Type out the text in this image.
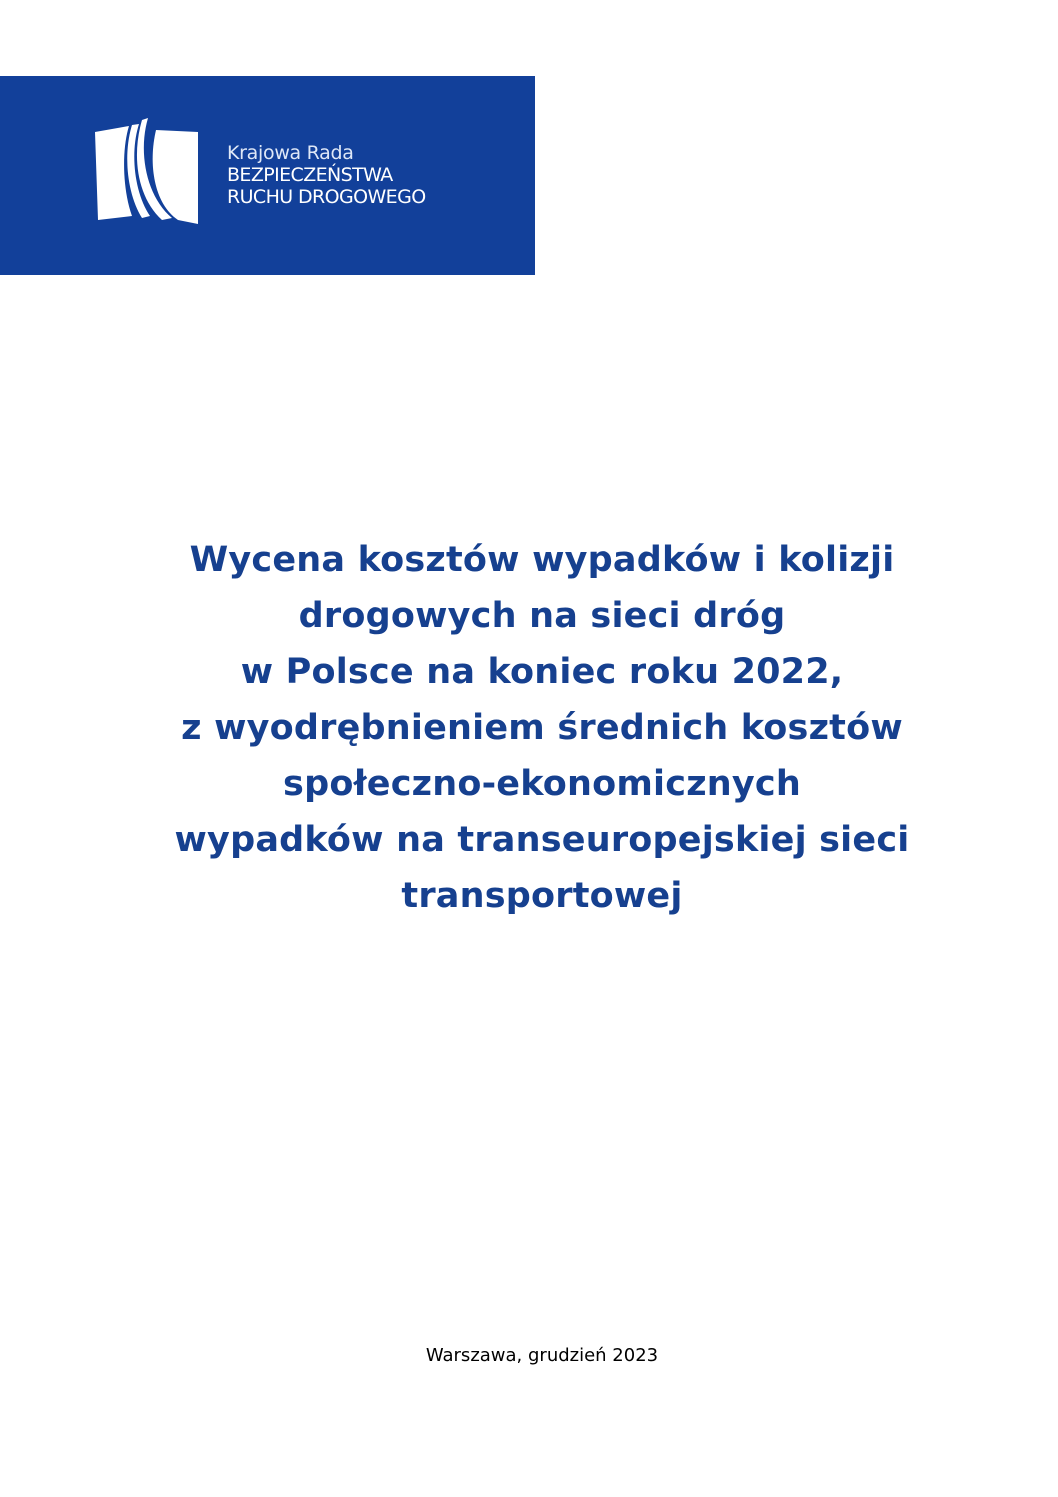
Krajowa Rada
BEZPIECZEŃSTWA
RUCHU DROGOWEGO
Wycena kosztów wypadków i kolizji
drogowych na sieci dróg
w Polsce na koniec roku 2022,
z wyodrębnieniem średnich kosztów
społeczno-ekonomicznych
wypadków na transeuropejskiej sieci
transportowej
Warszawa, grudzień 2023
